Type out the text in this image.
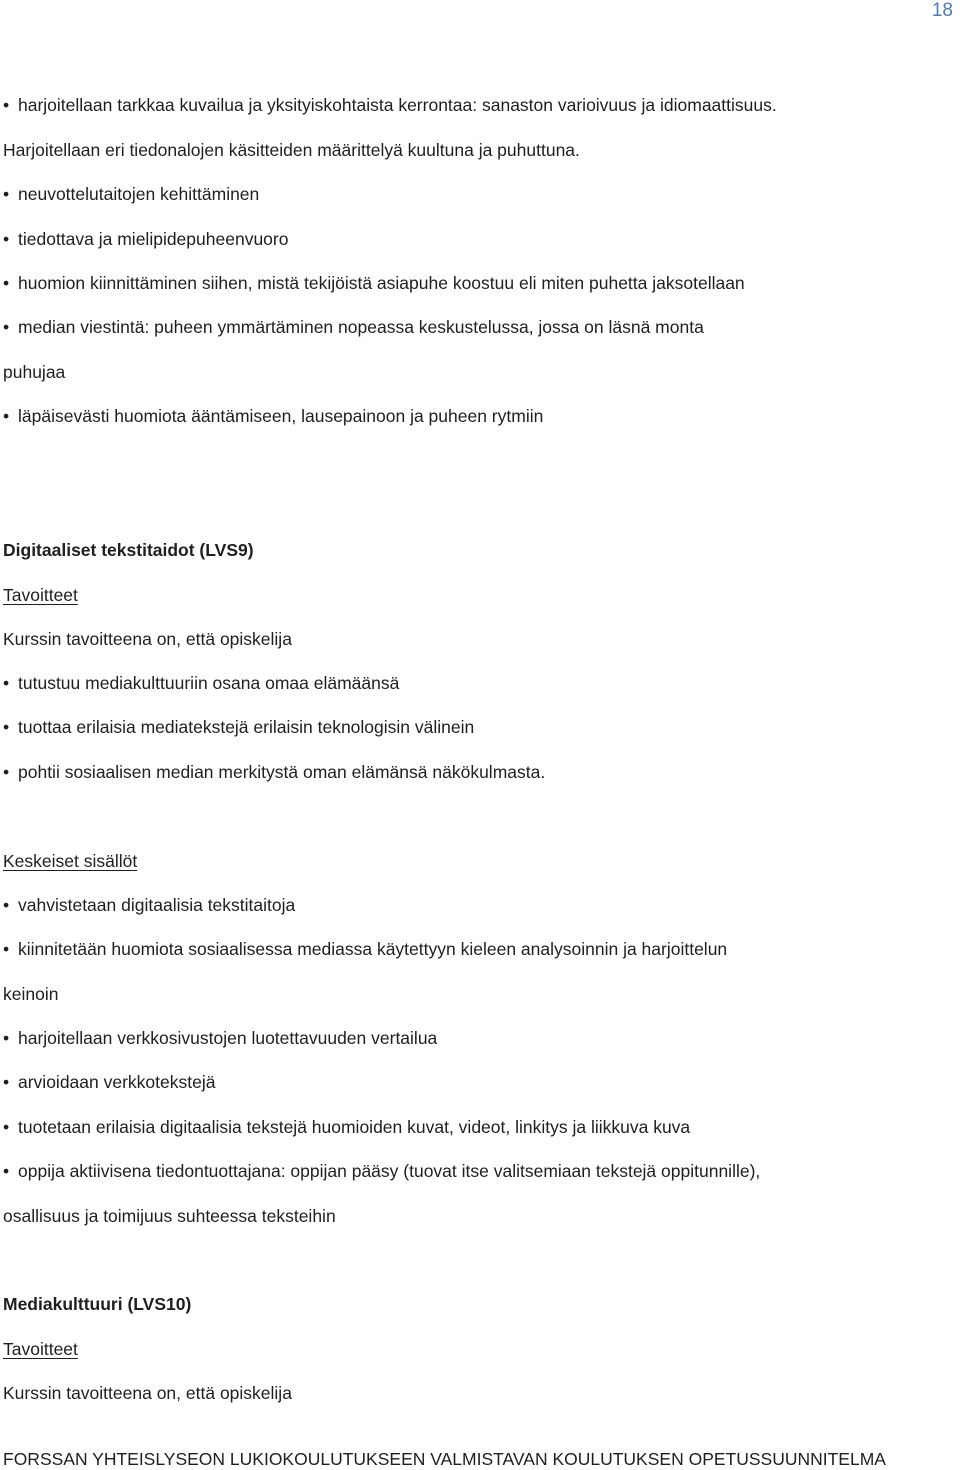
18
• harjoitellaan tarkkaa kuvailua ja yksityiskohtaista kerrontaa: sanaston varioivuus ja idiomaattisuus.
Harjoitellaan eri tiedonalojen käsitteiden määrittelyä kuultuna ja puhuttuna.
• neuvottelutaitojen kehittäminen
• tiedottava ja mielipidepuheenvuoro
• huomion kiinnittäminen siihen, mistä tekijöistä asiapuhe koostuu eli miten puhetta jaksotellaan
• median viestintä: puheen ymmärtäminen nopeassa keskustelussa, jossa on läsnä monta
puhujaa
• läpäisevästi huomiota ääntämiseen, lausepainoon ja puheen rytmiin
Digitaaliset tekstitaidot (LVS9)
Tavoitteet
Kurssin tavoitteena on, että opiskelija
• tutustuu mediakulttuuriin osana omaa elämäänsä
• tuottaa erilaisia mediatekstejä erilaisin teknologisin välinein
• pohtii sosiaalisen median merkitystä oman elämänsä näkökulmasta.
Keskeiset sisällöt
• vahvistetaan digitaalisia tekstitaitoja
• kiinnitetään huomiota sosiaalisessa mediassa käytettyyn kieleen analysoinnin ja harjoittelun
keinoin
• harjoitellaan verkkosivustojen luotettavuuden vertailua
• arvioidaan verkkotekstejä
• tuotetaan erilaisia digitaalisia tekstejä huomioiden kuvat, videot, linkitys ja liikkuva kuva
• oppija aktiivisena tiedontuottajana: oppijan pääsy (tuovat itse valitsemiaan tekstejä oppitunnille),
osallisuus ja toimijuus suhteessa teksteihin
Mediakulttuuri (LVS10)
Tavoitteet
Kurssin tavoitteena on, että opiskelija
FORSSAN YHTEISLYSEON LUKIOKOULUTUKSEEN VALMISTAVAN KOULUTUKSEN OPETUSSUUNNITELMA
